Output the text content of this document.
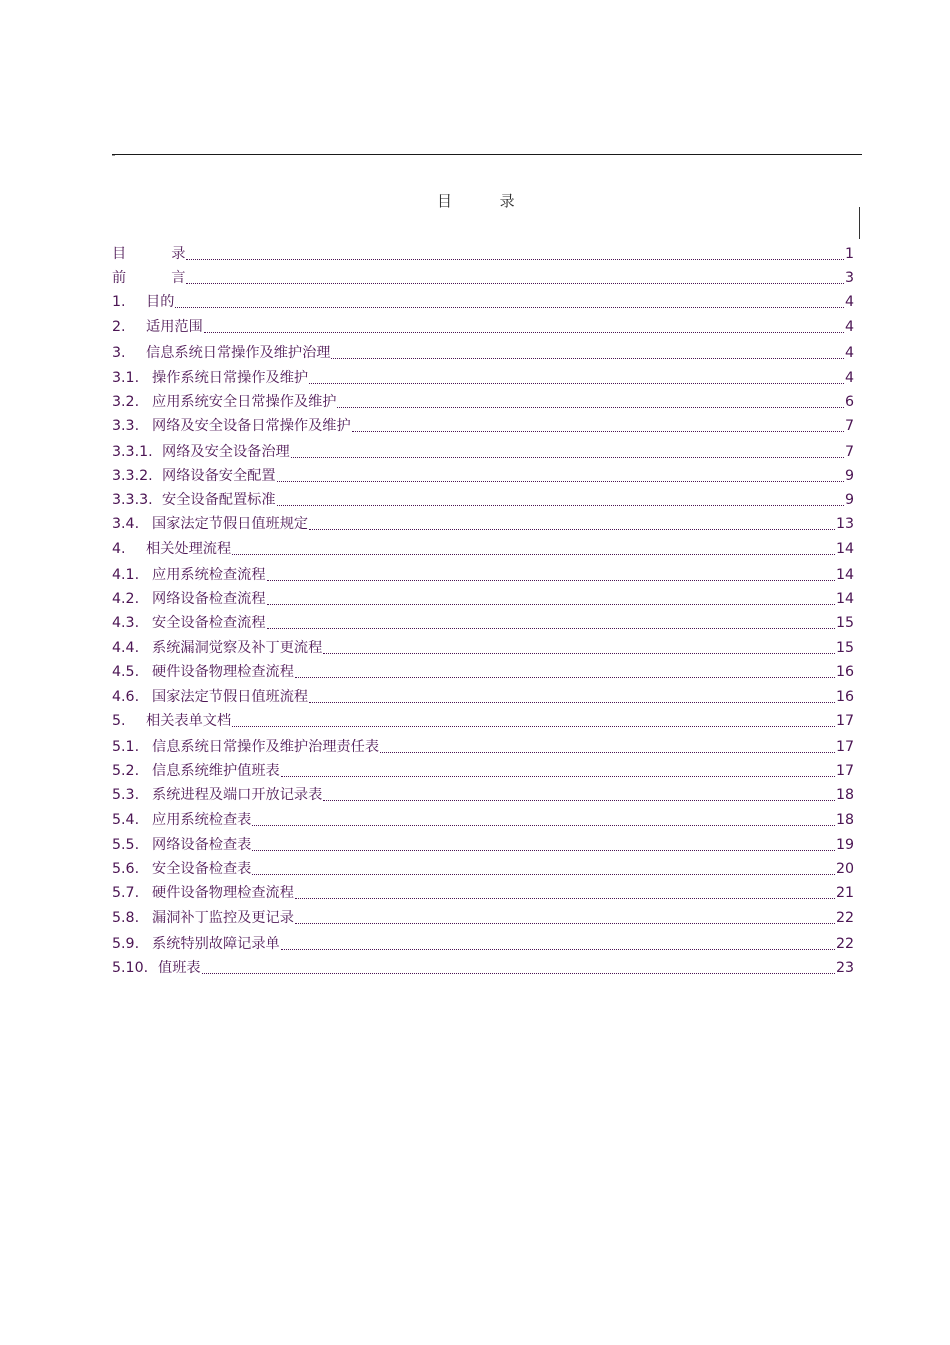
目          录
目          录	1
前          言	3
1.	目的	4
2.	适用范围	4
3.	信息系统日常操作及维护治理	4
3.1. 操作系统日常操作及维护	4
3.2. 应用系统安全日常操作及维护	6
3.3. 网络及安全设备日常操作及维护	7
3.3.1. 网络及安全设备治理	7
3.3.2. 网络设备安全配置	9
3.3.3. 安全设备配置标准	9
3.4. 国家法定节假日值班规定	13
4.	相关处理流程	14
4.1. 应用系统检查流程	14
4.2. 网络设备检查流程	14
4.3. 安全设备检查流程	15
4.4. 系统漏洞觉察及补丁更流程	15
4.5. 硬件设备物理检查流程	16
4.6. 国家法定节假日值班流程	16
5.	相关表单文档	17
5.1. 信息系统日常操作及维护治理责任表	17
5.2. 信息系统维护值班表	17
5.3. 系统进程及端口开放记录表	18
5.4. 应用系统检查表	18
5.5. 网络设备检查表	19
5.6. 安全设备检查表	20
5.7. 硬件设备物理检查流程	21
5.8. 漏洞补丁监控及更记录	22
5.9. 系统特别故障记录单	22
5.10. 值班表	23
